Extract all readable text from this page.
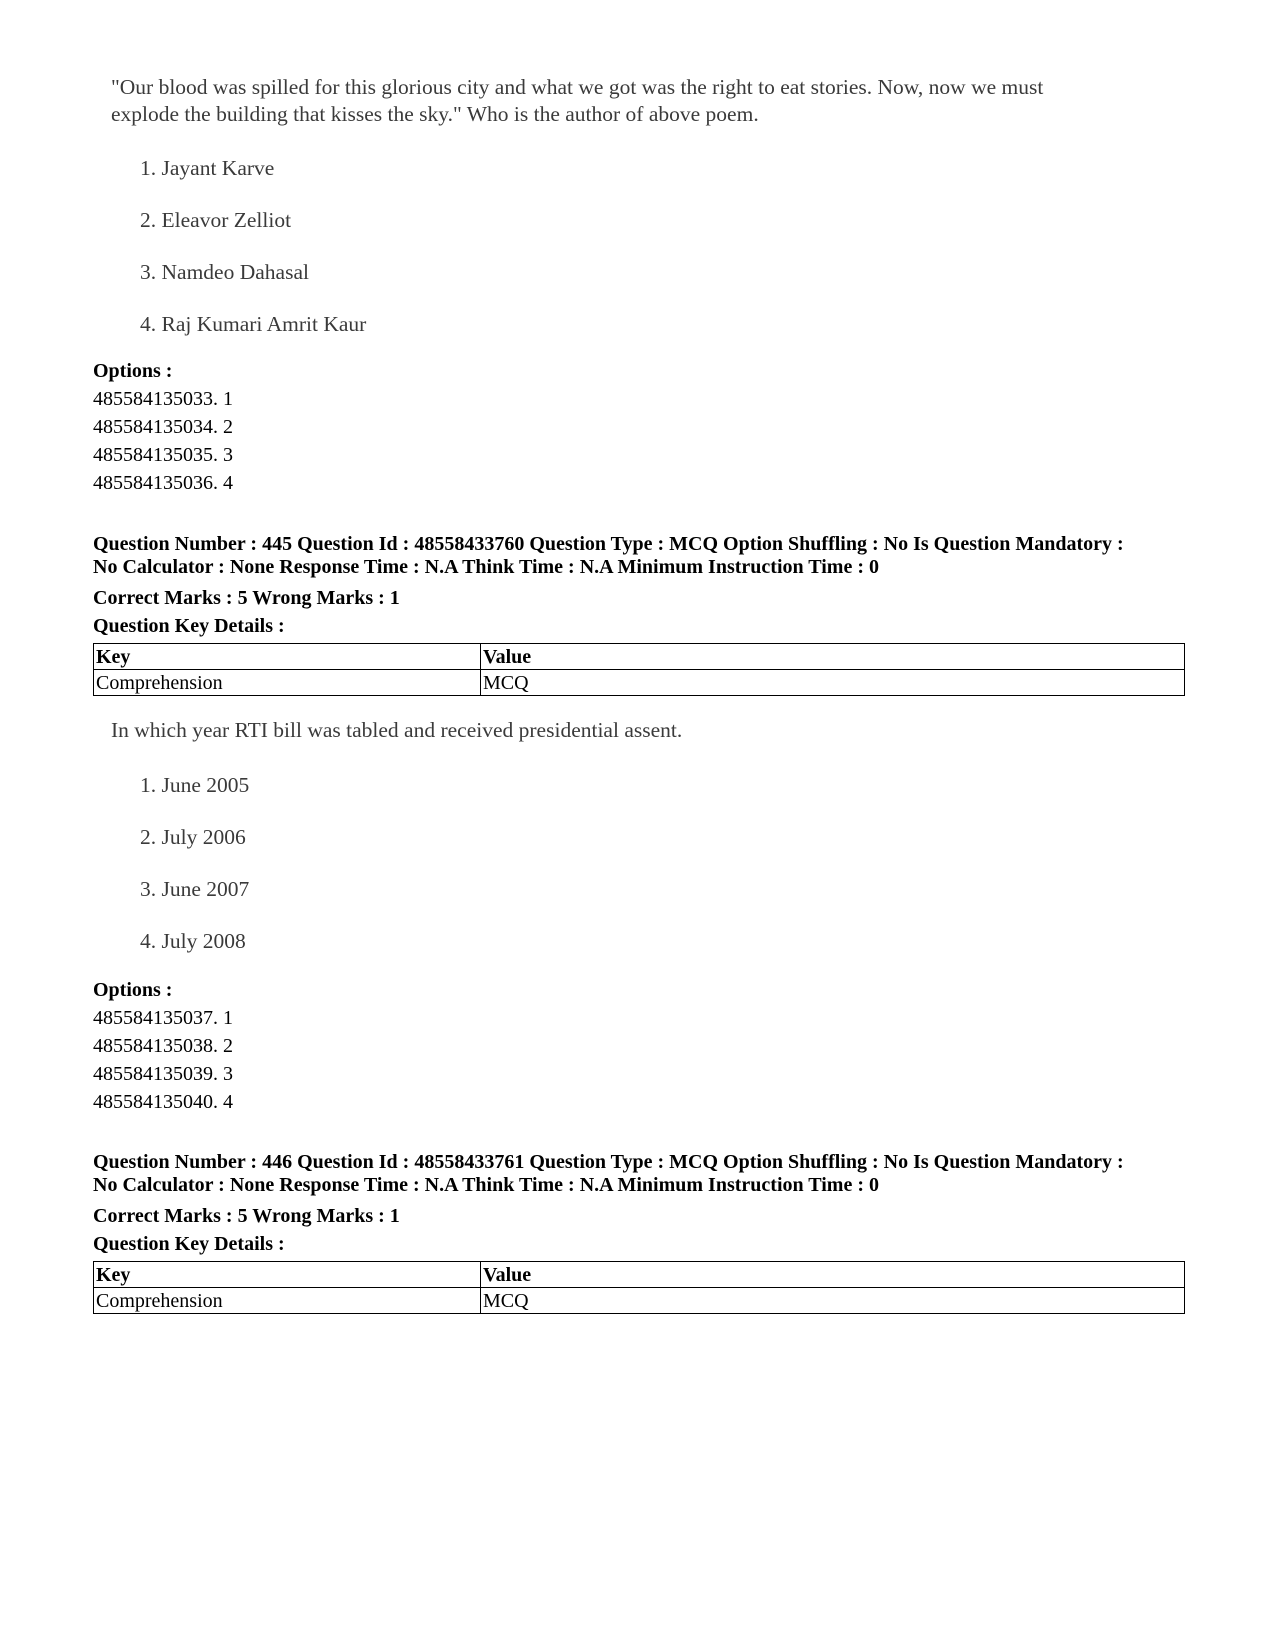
"Our blood was spilled for this glorious city and what we got was the right to eat stories. Now, now we must
explode the building that kisses the sky." Who is the author of above poem.
1. Jayant Karve
2. Eleavor Zelliot
3. Namdeo Dahasal
4. Raj Kumari Amrit Kaur
Options :
485584135033. 1
485584135034. 2
485584135035. 3
485584135036. 4
Question Number : 445 Question Id : 48558433760 Question Type : MCQ Option Shuffling : No Is Question Mandatory :
No Calculator : None Response Time : N.A Think Time : N.A Minimum Instruction Time : 0
Correct Marks : 5 Wrong Marks : 1
Question Key Details :
Key	Value
Comprehension	MCQ
In which year RTI bill was tabled and received presidential assent.
1. June 2005
2. July 2006
3. June 2007
4. July 2008
Options :
485584135037. 1
485584135038. 2
485584135039. 3
485584135040. 4
Question Number : 446 Question Id : 48558433761 Question Type : MCQ Option Shuffling : No Is Question Mandatory :
No Calculator : None Response Time : N.A Think Time : N.A Minimum Instruction Time : 0
Correct Marks : 5 Wrong Marks : 1
Question Key Details :
Key	Value
Comprehension	MCQ
